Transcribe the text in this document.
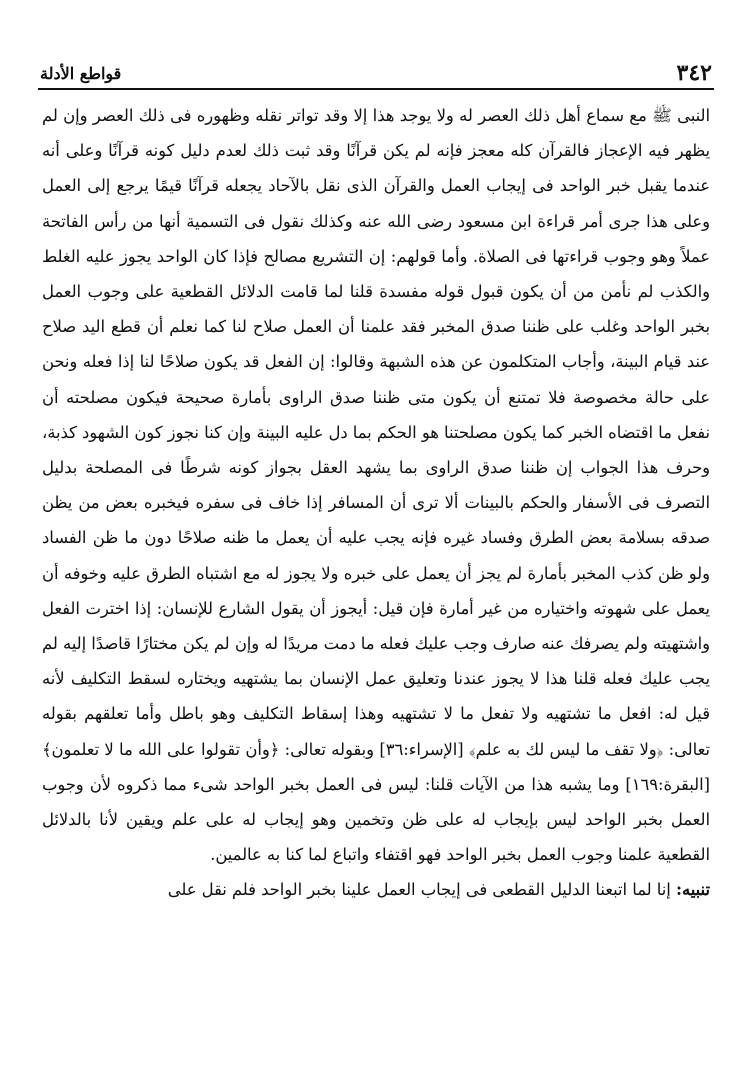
٣٤٢
قواطع الأدلة

النبى ﷺ مع سماع أهل ذلك العصر له ولا يوجد هذا إلا وقد تواتر نقله وظهوره فى ذلك العصر وإن لم يظهر فيه الإعجاز فالقرآن كله معجز فإنه لم يكن قرآنًا وقد ثبت ذلك لعدم دليل كونه قرآنًا وعلى أنه عندما يقبل خبر الواحد فى إيجاب العمل والقرآن الذى نقل بالآحاد يجعله قرآنًا قيمًا يرجع إلى العمل وعلى هذا جرى أمر قراءة ابن مسعود رضى الله عنه وكذلك نقول فى التسمية أنها من رأس الفاتحة عملاً وهو وجوب قراءتها فى الصلاة. وأما قولهم: إن التشريع مصالح فإذا كان الواحد يجوز عليه الغلط والكذب لم نأمن من أن يكون قبول قوله مفسدة قلنا لما قامت الدلائل القطعية على وجوب العمل بخبر الواحد وغلب على ظننا صدق المخبر فقد علمنا أن العمل صلاح لنا كما نعلم أن قطع اليد صلاح عند قيام البينة، وأجاب المتكلمون عن هذه الشبهة وقالوا: إن الفعل قد يكون صلاحًا لنا إذا فعله ونحن على حالة مخصوصة فلا تمتنع أن يكون متى ظننا صدق الراوى بأمارة صحيحة فيكون مصلحته أن نفعل ما اقتضاه الخبر كما يكون مصلحتنا هو الحكم بما دل عليه البينة وإن كنا نجوز كون الشهود كذبة، وحرف هذا الجواب إن ظننا صدق الراوى بما يشهد العقل بجواز كونه شرطًا فى المصلحة بدليل التصرف فى الأسفار والحكم بالبينات ألا ترى أن المسافر إذا خاف فى سفره فيخبره بعض من يظن صدقه بسلامة بعض الطرق وفساد غيره فإنه يجب عليه أن يعمل ما ظنه صلاحًا دون ما ظن الفساد ولو ظن كذب المخبر بأمارة لم يجز أن يعمل على خبره ولا يجوز له مع اشتباه الطرق عليه وخوفه أن يعمل على شهوته واختياره من غير أمارة فإن قيل: أيجوز أن يقول الشارع للإنسان: إذا اخترت الفعل واشتهيته ولم يصرفك عنه صارف وجب عليك فعله ما دمت مريدًا له وإن لم يكن مختارًا قاصدًا إليه لم يجب عليك فعله قلنا هذا لا يجوز عندنا وتعليق عمل الإنسان بما يشتهيه ويختاره لسقط التكليف لأنه قيل له: افعل ما تشتهيه ولا تفعل ما لا تشتهيه وهذا إسقاط التكليف وهو باطل وأما تعلقهم بقوله تعالى: ﴿ولا تقف ما ليس لك به علم﴾ [الإسراء:٣٦] وبقوله تعالى: ﴿وأن تقولوا على الله ما لا تعلمون﴾ [البقرة:١٦٩] وما يشبه هذا من الآيات قلنا: ليس فى العمل بخبر الواحد شىء مما ذكروه لأن وجوب العمل بخبر الواحد ليس بإيجاب له على ظن وتخمين وهو إيجاب له على علم ويقين لأنا بالدلائل القطعية علمنا وجوب العمل بخبر الواحد فهو اقتفاء واتباع لما كنا به عالمين.

تنبيه: إنا لما اتبعنا الدليل القطعى فى إيجاب العمل علينا بخبر الواحد فلم نقل على
